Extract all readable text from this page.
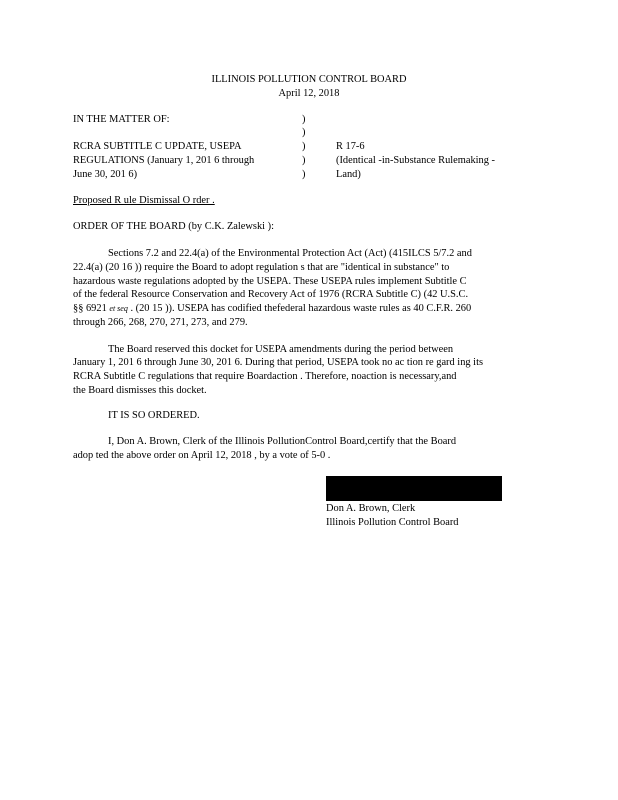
ILLINOIS POLLUTION CONTROL BOARD
April 12, 2018
IN THE MATTER OF:	)
)
)
)
)
RCRA SUBTITLE C UPDATE, USEPA
REGULATIONS (January 1, 201 6 through
June 30, 201 6)
R 17-6
(Identical -in-Substance Rulemaking -
Land)
Proposed R ule Dismissal O rder .
ORDER OF THE BOARD (by C.K. Zalewski ):
Sections 7.2 and 22.4(a) of the Environmental Protection Act (Act) (415ILCS 5/7.2 and
22.4(a) (20 16 )) require the Board to adopt regulation s that are "identical in substance" to
hazardous waste regulations adopted by the USEPA. These USEPA rules implement Subtitle C
of the federal Resource Conservation and Recovery Act of 1976 (RCRA Subtitle C) (42 U.S.C.
§§ 6921 et seq . (20 15 )). USEPA has codified thefederal hazardous waste rules as 40 C.F.R. 260
through 266, 268, 270, 271, 273, and 279.
The Board reserved this docket for USEPA amendments during the period between
January 1, 201 6 through June 30, 201 6. During that period, USEPA took no ac tion re gard ing its
RCRA Subtitle C regulations that require Boardaction . Therefore, noaction is necessary,and
the Board dismisses this docket.
IT IS SO ORDERED.
I, Don A. Brown, Clerk of the Illinois PollutionControl Board,certify that the Board
adop ted the above order on April 12, 2018 , by a vote of 5-0 .
Don A. Brown, Clerk
Illinois Pollution Control Board
